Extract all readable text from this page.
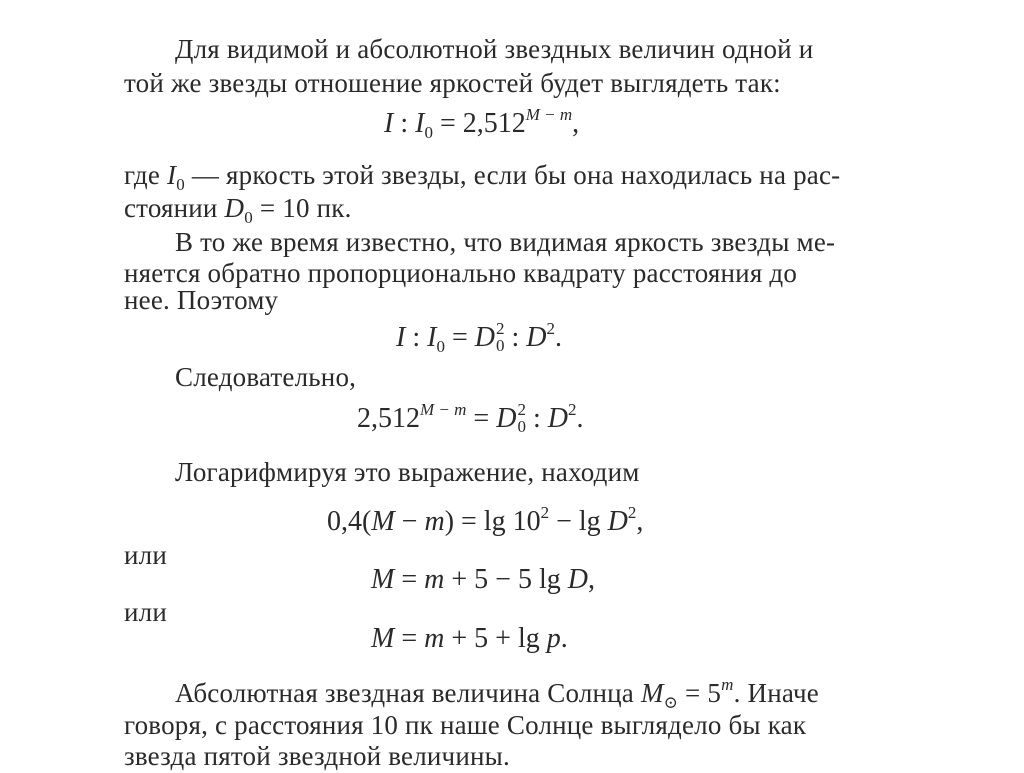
Для видимой и абсолютной звездных величин одной и
той же звезды отношение яркостей будет выглядеть так:
I : $I_0 = 2,512^{M - m}$,
где $I_0$ — яркость этой звезды, если бы она находилась на рас-
стоянии $D_0 = 10$ пк.
В то же время известно, что видимая яркость звезды ме-
няется обратно пропорционально квадрату расстояния до
нее. Поэтому
I : $I_0 = D$ 2
0 : $D^2$.
Следовательно,
$2,512^{M - m} = D$ 2
0 : $D^2$.
Логарифмируя это выражение, находим
$0,4(M - m) = \lg 10^2 - \lg D^2$,
или
M = m + 5 − 5 lg D,
или
M = m + 5 + lg p.
Абсолютная звездная величина Солнца $M_⊙ = 5^m$. Иначе
говоря, с расстояния 10 пк наше Солнце выглядело бы как
звезда пятой звездной величины.
